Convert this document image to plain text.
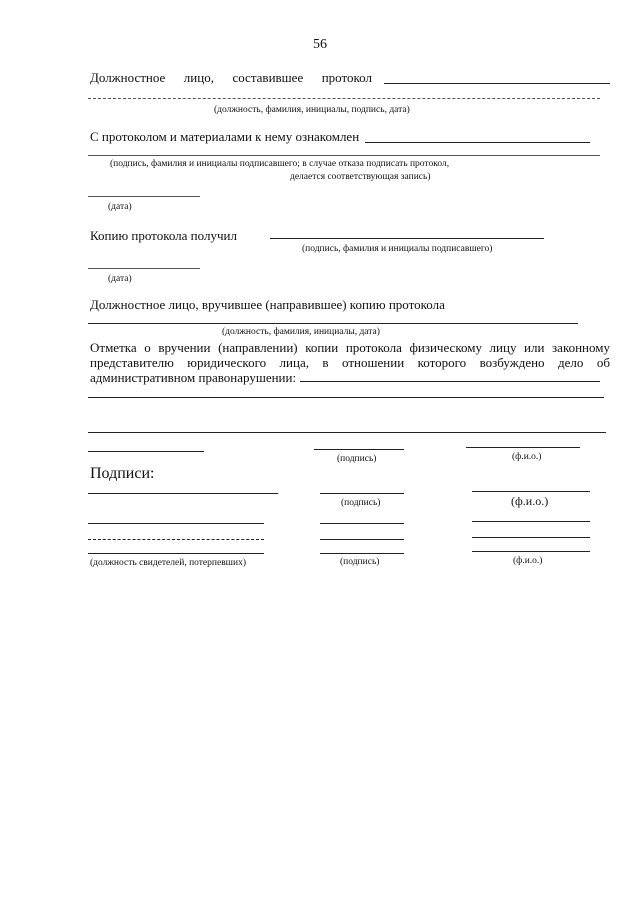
56
Должностное лицо, составившее протокол
(должность, фамилия, инициалы, подпись, дата)
С протоколом и материалами к нему ознакомлен
(подпись, фамилия и инициалы подписавшего; в случае отказа подписать протокол,
делается соответствующая запись)
(дата)
Копию протокола получил
(подпись, фамилия и инициалы подписавшего)
(дата)
Должностное лицо, вручившее (направившее) копию протокола
(должность, фамилия, инициалы, дата)
Отметка о вручении (направлении) копии протокола физическому лицу или законному
представителю юридического лица, в отношении которого возбуждено дело об
административном правонарушении:
(подпись)	(ф.и.о.)
Подписи:
(подпись)	(ф.и.о.)
(должность свидетелей, потерпевших)	(подпись)	(ф.и.о.)
